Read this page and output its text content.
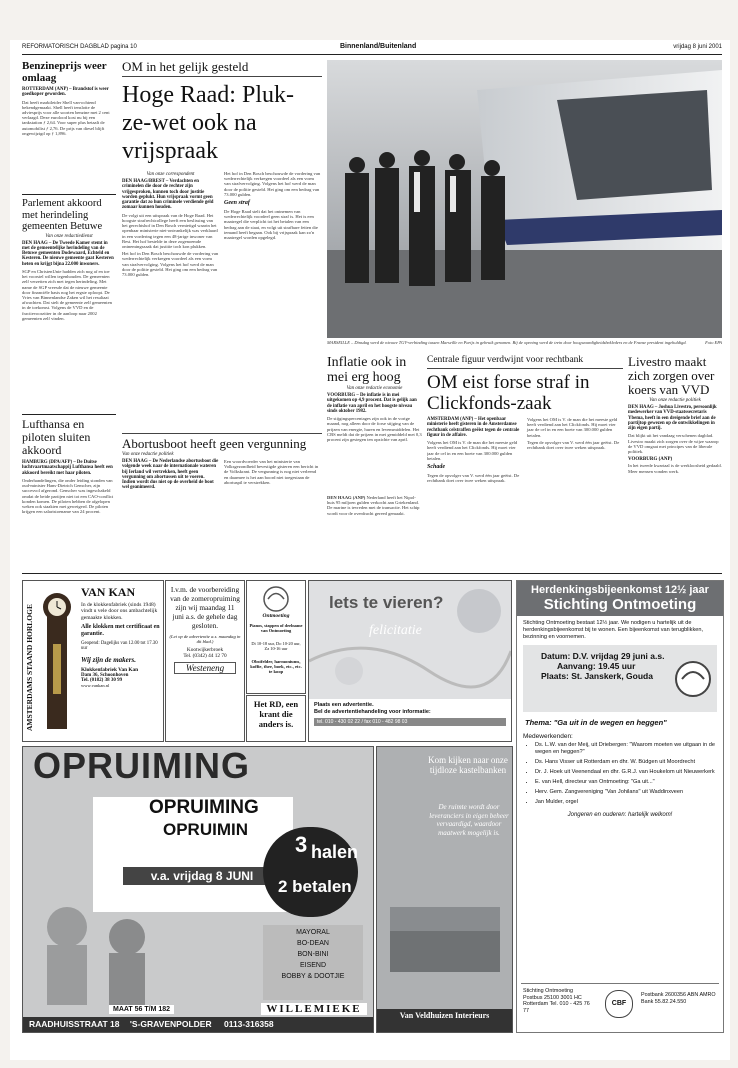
REFORMATORISCH DAGBLAD pagina 10	Binnenland/Buitenland	vrijdag 8 juni 2001
Benzineprijs weer omlaag
ROTTERDAM (ANP) – Brandstof is weer goedkoper geworden.
Dat heeft marktleider Shell van-ochtend bekendgemaakt. Shell heeft tenslotte de adviesprijs voor alle soorten benzine met 2 cent verlaagd. Deze eurolood kost nu bij een tankstation ƒ 2,64. Voor super plus betaalt de automobilist ƒ 2,76. De prijs van diesel blijft ongewijzigd op ƒ 1,896.
Parlement akkoord met herindeling gemeenten Betuwe
Van onze redactiedienst
DEN HAAG – De Tweede Kamer stemt in met de gemeentelijke herindeling van de Betuwe gemeenten Dodewaard, Echteld en Kesteren. De nieuwe gemeente gaat Kesteren heten en krijgt bijna 22.000 inwoners.
SGP en ChristenUnie hadden zich nog af en toe het voorstel willen tegenhouden. De gemeenten zelf verzetten zich met tegen herindeling. Met name de SGP vreesde dat de nieuwe gemeente door financiële basis nog het ergste oploopt. De Vries van Binnenlandse Zaken wil het resultaat afwachten. Dat stelt de gemeente zelf gemeenten in de toekomst. Volgens de VVD en de fractievoorzitter in de aanloop naar 2002 gemeenten zelf vinden.
Lufthansa en piloten sluiten akkoord
HAMBURG (DPA/AFP) – De Duitse luchtvaartmaatschappij Lufthansa heeft een akkoord bereikt met haar piloten.
Onderhandelingen, die onder leiding stonden van oud-minister Hans-Dietrich Genscher, zijn succesvol afgerond. Genscher was ingeschakeld omdat de beide partijen niet tot een CAO-conflict konden komen. De piloten hebben de afgelopen weken ook staakten met geweigerd. De piloten krijgen een salaristoename van 24 procent.
OM in het gelijk gesteld
Hoge Raad: Pluk-ze-wet ook na vrijspraak
Van onze correspondent
DEN HAAG/BREST – Verdachten en criminelen die door de rechter zijn vrijgesproken, kunnen toch door justitie worden geplukt. Hun vrijspraak vormt geen garantie dat zo hun criminele verdiende geld zomaar kunnen houden.
De volgt uit een uitspraak van de Hoge Raad. Het hoogste strafrechtcollege heeft een beslissing van het gerechtshof in Den Bosch vernietigd waarin het openbaar ministerie niet-ontvankelijk was verklaard in een vordering tegen een 48-jarige inwoner van Best. Het hof bestelde in deze zogenoemde ontnemingszaak dat justitie toch kon plukken.
Het hof in Den Bosch beschouwde de vordering van wederrechtelijk verkregen voordeel als een vorm van strafvervolging. Volgens het hof werd de man door de politie gesteld. Het ging om een bedrag van 73.000 gulden.
Het hof in Den Bosch beschouwde de vordering van wederrechtelijk verkregen voordeel als een vorm van strafvervolging. Volgens het hof werd de man door de politie gesteld. Het ging om een bedrag van 73.000 gulden.
Geen straf
De Hoge Raad stelt dat het ontnemen van wederrechtelijk voordeel geen straf is. Het is een maatregel die verplicht tot het betalen van een bedrag aan de staat, en volgt uit strafbare feiten die iemand heeft begaan. Ook bij vrijspraak kan zo'n maatregel worden opgelegd.
MARSEILLE – Dinsdag werd de nieuwe TGV-verbinding tussen Marseille en Parijs in gebruik genomen. Bij de opening werd de trein door hoogwaardigheidsbekleders en de Franse president ingehuldigd.	Foto EPA
Inflatie ook in mei erg hoog
Van onze redactie economie
VOORBURG – De inflatie is in mei uitgekomen op 4,9 procent. Dat is gelijk aan de inflatie van april en het hoogste niveau sinds oktober 1982.
De stijgingspercentages zijn ook in de vorige maand, nog alleen door de forse stijging van de prijzen van energie, huren en levensmiddelen. Het CBS meldt dat de prijzen in mei gemiddeld met 0,3 procent zijn gestegen ten opzichte van april.
Abortusboot heeft geen vergunning
Van onze redactie politiek
DEN HAAG – De Nederlandse abortusboot die volgende week naar de internationale wateren bij Ierland wil vertrekken, heeft geen vergunning om abortussen uit te voeren. Indien wordt dus niet op de overheid de boot wel geanimeerd.
Een woordvoerder van het ministerie van Volksgezondheid bevestigde gisteren een bericht in de Volkskrant. De vergunning is nog niet verleend en daarmee is het aan boord niet toegestaan de abortuspil te verstrekken.
Centrale figuur verdwijnt voor rechtbank
OM eist forse straf in Clickfonds-zaak
AMSTERDAM (ANP) – Het openbaar ministerie heeft gisteren in de Amsterdamse rechtbank celstraffen geëist tegen de centrale figuur in de affaire.
Volgens het OM is V. de man die het meeste geld heeft verdiend aan het Clickfonds. Hij moet vier jaar de cel in en een boete van 300.000 gulden betalen.
Schade
Tegen de opvolger van V. werd één jaar geëist. De rechtbank doet over twee weken uitspraak.
Volgens het OM is V. de man die het meeste geld heeft verdiend aan het Clickfonds. Hij moet vier jaar de cel in en een boete van 300.000 gulden betalen.
Tegen de opvolger van V. werd één jaar geëist. De rechtbank doet over twee weken uitspraak.
DEN HAAG (ANP) Nederland heeft het Nipol-huis 95 miljoen gulden verkocht aan Griekenland. De marine is tevreden met de transactie. Het schip wordt voor de overdracht gereed gemaakt.
Livestro maakt zich zorgen over koers van VVD
Van onze redactie politiek
DEN HAAG – Joshua Livestro, persoonlijk medewerker van VVD-staatssecretaris Ybema, heeft in een dreigende brief aan de partijtop gewezen op de ontwikkelingen in zijn eigen partij.
Dat blijkt uit het vandaag verschenen dagblad. Livestro maakt zich zorgen over de wijze waarop de VVD omgaat met principes van de liberale politiek.
VOORBURG (ANP)
In het tweede kwartaal is de werkloosheid gedaald. Meer mensen vonden werk.
AMSTERDAMS STAAND HORLOGE
VAN KAN
In de klokkenfabriek (sinds 1948) vindt u vele door ons ambachtelijk gemaakte klokken.
Alle klokken met certificaat en garantie.
Geopend: Dagelijks van 12.00 tot 17.30 uur
Wij zijn de makers.
Klokkenfabriek Van Kan
Dam 36, Schoonhoven
Tel. (0182) 38 30 99
www.vankan.nl
I.v.m. de voorbereiding van de zomeropruiming zijn wij maandag 11 juni a.s. de gehele dag gesloten.
(Let op de advertentie a.s. maandag in dit blad.)
Kootwijkerbroek
Tel. (0342) 44 12 70
Westeneng
Ontmoeting
Pianos, stappen of deelname van Ontmoeting
Di 10-18 uur, Do 10-20 uur, Za 10-16 uur
Obstfelder, harmoniums, koffie, thee, boek, etc., etc. te koop
Het RD, een krant die anders is.
lets te vieren?
felicitatie
Plaats een advertentie.
Bel de advertentiehandeling voor informatie:
tel. 010 - 430 02 22 / fax 010 - 482 98 03
OPRUIMING
OPRUIMING
OPRUIMIN
v.a. vrijdag 8 JUNI
3 halen
2 betalen
MAYORAL
BO-DEAN
BON-BINI
EISEND
BOBBY & DOOTJIE
MAAT 56 T/M 182	WILLEMIEKE
RAADHUISSTRAAT 18 'S-GRAVENPOLDER 0113-316358
Kom kijken naar onze tijdloze kastelbanken
De ruimte wordt door leveranciers in eigen beheer vervaardigd, waardoor maatwerk mogelijk is.
Van Veldhuizen Interieurs
Herdenkingsbijeenkomst 12½ jaar
Stichting Ontmoeting
Stichting Ontmoeting bestaat 12½ jaar. We nodigen u hartelijk uit de herdenkingsbijeenkomst bij te wonen. Een bijeenkomst van terugblikken, bezinning en voornemen.
Datum: D.V. vrijdag 29 juni a.s.
Aanvang: 19.45 uur
Plaats: St. Janskerk, Gouda
Thema: "Ga uit in de wegen en heggen"
Medewerkenden:
• Ds. L.W. van der Meij, uit Driebergen: "Waarom moeten we uitgaan in de wegen en heggen?"
• Ds. Hans Visser uit Rotterdam en dhr. W. Büdgen uit Moordrecht
• Dr. J. Hoek uit Veenendaal en dhr. G.R.J. van Houkelom uit Nieuwerkerk
• E. van Hell, directeur van Ontmoeting: "Ga uit..."
• Herv. Gem. Zangvereniging "Van Johilans" uit Waddinxveen
• Jan Mulder, orgel
Jongeren en ouderen: hartelijk welkom!
Stichting Ontmoeting Postbus 25100 3001 HC Rotterdam Tel. 010 - 425 76 77
CBF
Postbank 2600356 ABN AMRO Bank 55.82.24.550
